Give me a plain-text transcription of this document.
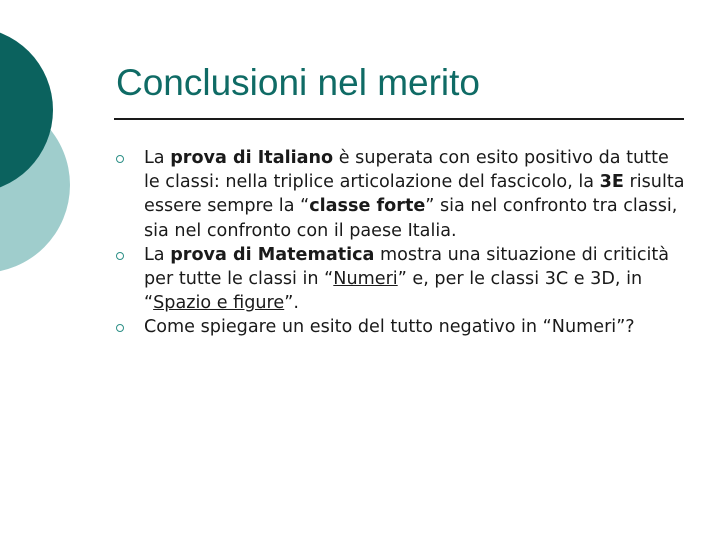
Conclusioni nel merito
La prova di Italiano è superata con esito positivo da tutte le classi: nella triplice articolazione del fascicolo, la 3E risulta essere sempre la “classe forte” sia nel confronto tra classi, sia nel confronto con il paese Italia.
La prova di Matematica mostra una situazione di criticità per tutte le classi in “Numeri” e, per le classi 3C e 3D, in “Spazio e figure”.
Come spiegare un esito del tutto negativo in “Numeri”?
